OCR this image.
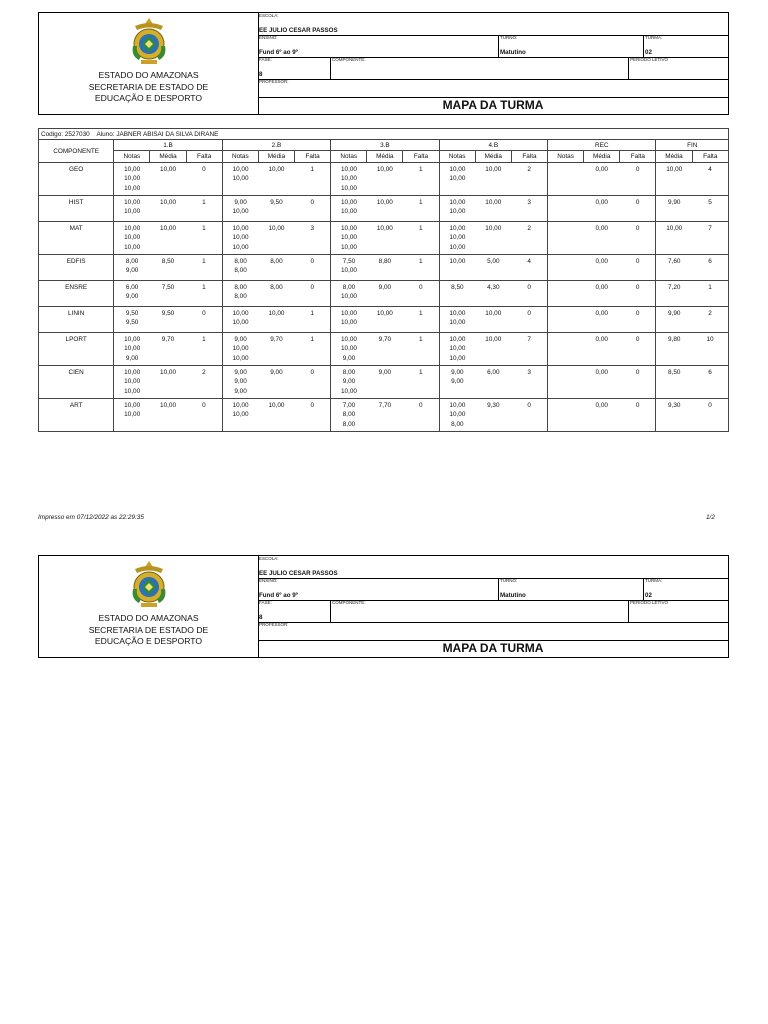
ESTADO DO AMAZONAS
SECRETARIA DE ESTADO DE
EDUCAÇÃO E DESPORTO
ESCOLA:
EE JULIO CESAR PASSOS
ENSINO:
Fund 6º ao 9º
TURNO:
Matutino
TURMA:
02
FASE:
8
COMPONENTE:	PERÍODO LETIVO
PROFESSOR:
MAPA DA TURMA
Codigo: 2527030 Aluno: JABNER ABISAI DA SILVA DIRANE																	
COMPONENTE	1.B			2.B			3.B			4.B			REC			FIN	
	Notas	Média	Falta	Notas	Média	Falta	Notas	Média	Falta	Notas	Média	Falta	Notas	Média	Falta	Média	Falta
GEO	10,00
10,00
10,00	10,00	0	10,00
10,00	10,00	1	10,00
10,00
10,00	10,00	1	10,00
10,00	10,00	2		0,00	0	10,00	4
HIST	10,00
10,00	10,00	1	9,00
10,00	9,50	0	10,00
10,00	10,00	1	10,00
10,00	10,00	3		0,00	0	9,90	5
MAT	10,00
10,00
10,00	10,00	1	10,00
10,00
10,00	10,00	3	10,00
10,00
10,00	10,00	1	10,00
10,00
10,00	10,00	2		0,00	0	10,00	7
EDFIS	8,00
9,00	8,50	1	8,00
8,00	8,00	0	7,50
10,00	8,80	1	10,00	5,00	4		0,00	0	7,60	6
ENSRE	6,00
9,00	7,50	1	8,00
8,00	8,00	0	8,00
10,00	9,00	0	8,50	4,30	0		0,00	0	7,20	1
LININ	9,50
9,50	9,50	0	10,00
10,00	10,00	1	10,00
10,00	10,00	1	10,00
10,00	10,00	0		0,00	0	9,90	2
LPORT	10,00
10,00
9,00	9,70	1	9,00
10,00
10,00	9,70	1	10,00
10,00
9,00	9,70	1	10,00
10,00
10,00	10,00	7		0,00	0	9,80	10
CIEN	10,00
10,00
10,00	10,00	2	9,00
9,00
9,00	9,00	0	8,00
9,00
10,00	9,00	1	9,00
9,00	6,00	3		0,00	0	8,50	6
ART	10,00
10,00	10,00	0	10,00
10,00	10,00	0	7,00
8,00
8,00	7,70	0	10,00
10,00
8,00	9,30	0		0,00	0	9,30	0
Impresso em 07/12/2022 as 22:29:35	1/2
ESTADO DO AMAZONAS
SECRETARIA DE ESTADO DE
EDUCAÇÃO E DESPORTO
ESCOLA:
EE JULIO CESAR PASSOS
ENSINO:
Fund 6º ao 9º
TURNO:
Matutino
TURMA:
02
FASE:
8
COMPONENTE:	PERÍODO LETIVO
PROFESSOR:
MAPA DA TURMA
